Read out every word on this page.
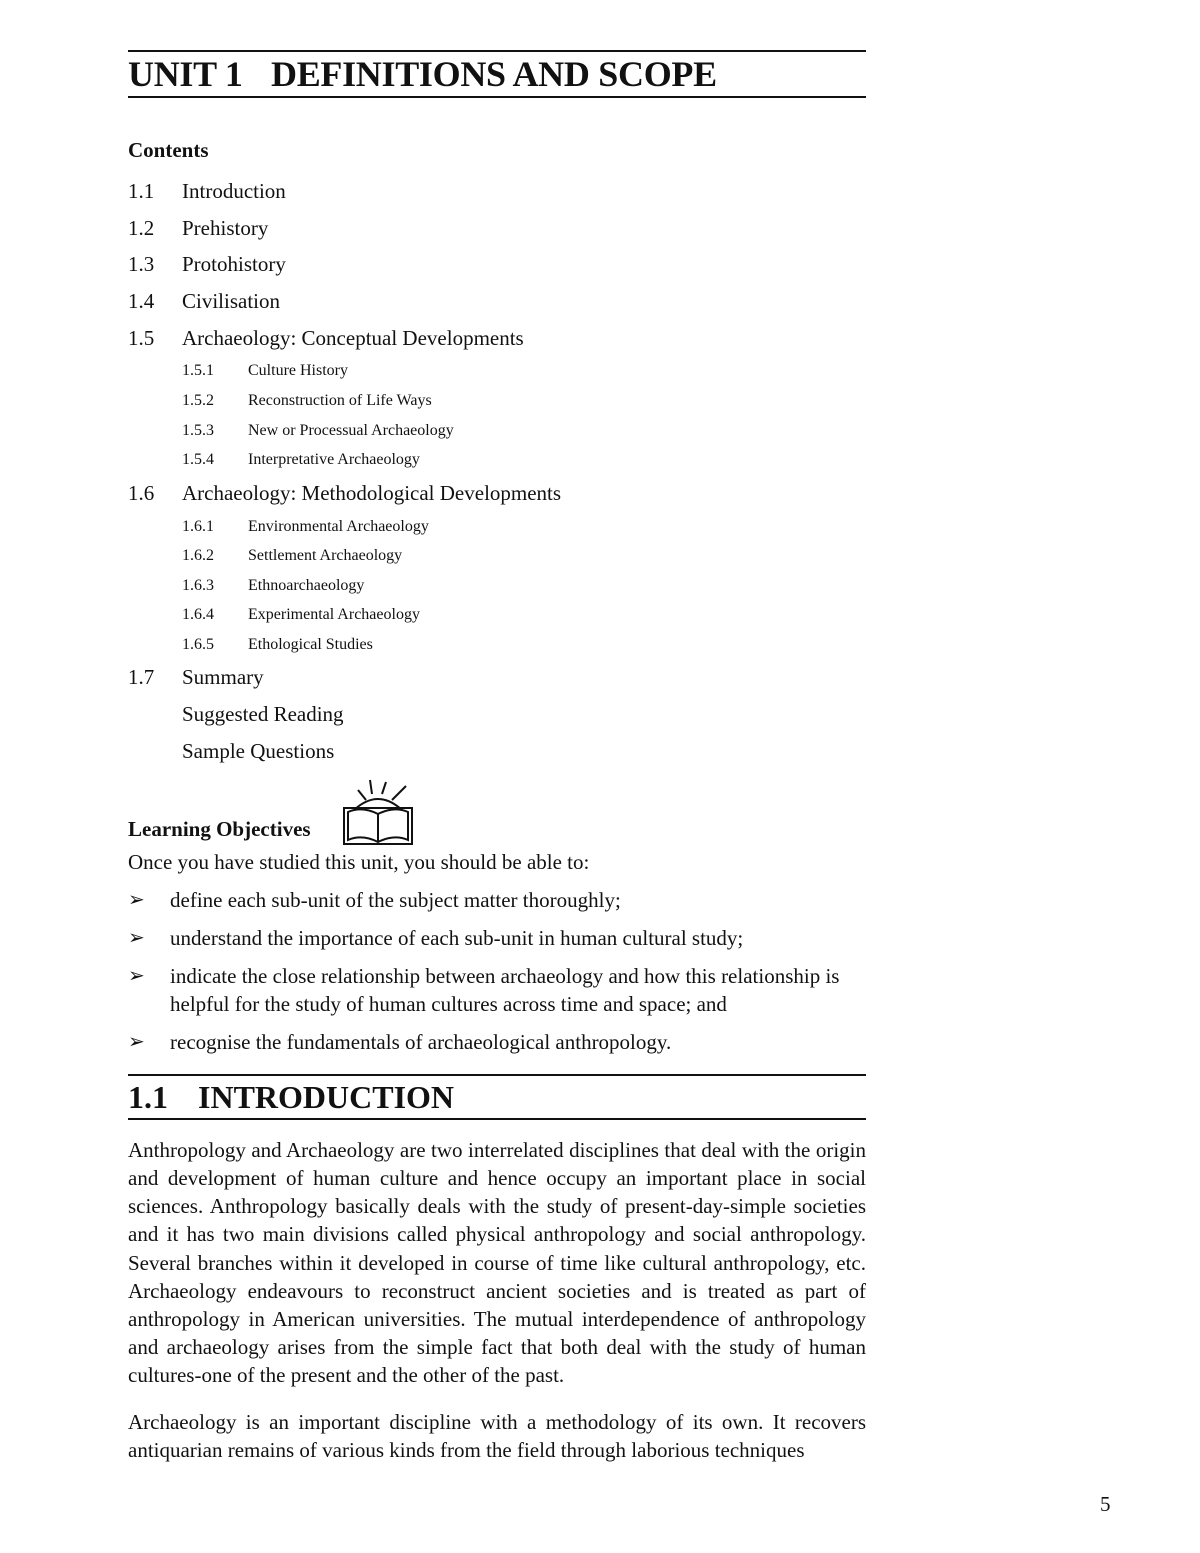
UNIT 1 DEFINITIONS AND SCOPE
Contents
1.1 Introduction
1.2 Prehistory
1.3 Protohistory
1.4 Civilisation
1.5 Archaeology: Conceptual Developments
1.5.1 Culture History
1.5.2 Reconstruction of Life Ways
1.5.3 New or Processual Archaeology
1.5.4 Interpretative Archaeology
1.6 Archaeology: Methodological Developments
1.6.1 Environmental Archaeology
1.6.2 Settlement Archaeology
1.6.3 Ethnoarchaeology
1.6.4 Experimental Archaeology
1.6.5 Ethological Studies
1.7 Summary
Suggested Reading
Sample Questions
Learning Objectives
Once you have studied this unit, you should be able to:
➢ define each sub-unit of the subject matter thoroughly;
➢ understand the importance of each sub-unit in human cultural study;
➢ indicate the close relationship between archaeology and how this relationship is helpful for the study of human cultures across time and space; and
➢ recognise the fundamentals of archaeological anthropology.
1.1 INTRODUCTION
Anthropology and Archaeology are two interrelated disciplines that deal with the origin and development of human culture and hence occupy an important place in social sciences. Anthropology basically deals with the study of present-day-simple societies and it has two main divisions called physical anthropology and social anthropology. Several branches within it developed in course of time like cultural anthropology, etc. Archaeology endeavours to reconstruct ancient societies and is treated as part of anthropology in American universities. The mutual interdependence of anthropology and archaeology arises from the simple fact that both deal with the study of human cultures-one of the present and the other of the past.
Archaeology is an important discipline with a methodology of its own. It recovers antiquarian remains of various kinds from the field through laborious techniques
5
